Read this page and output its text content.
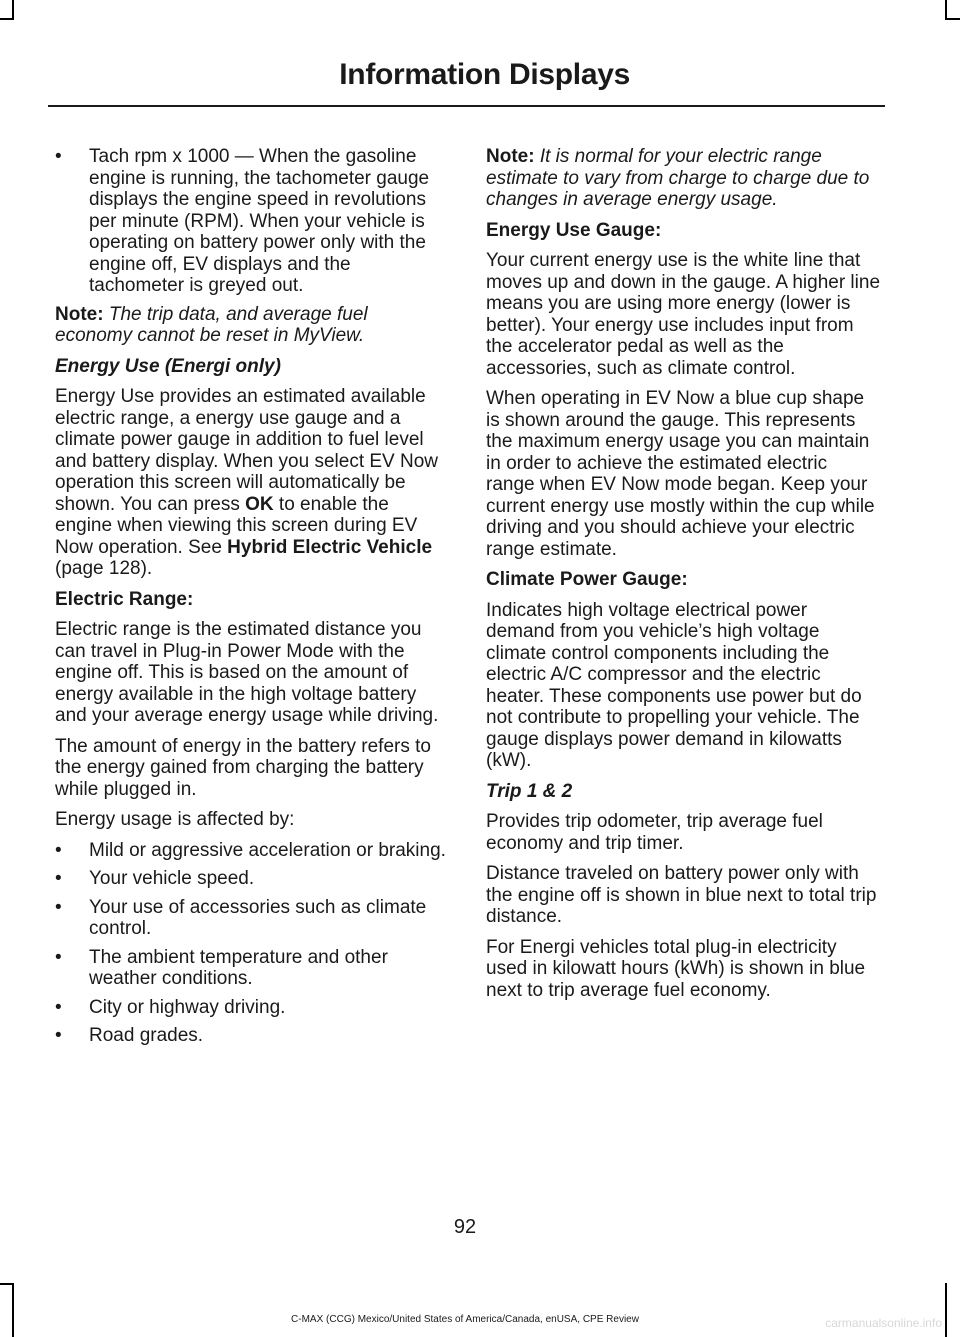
Information Displays
• Tach rpm x 1000 — When the gasoline engine is running, the tachometer gauge displays the engine speed in revolutions per minute (RPM). When your vehicle is operating on battery power only with the engine off, EV displays and the tachometer is greyed out.

Note: The trip data, and average fuel economy cannot be reset in MyView.

Energy Use (Energi only)

Energy Use provides an estimated available electric range, a energy use gauge and a climate power gauge in addition to fuel level and battery display. When you select EV Now operation this screen will automatically be shown. You can press OK to enable the engine when viewing this screen during EV Now operation. See Hybrid Electric Vehicle (page 128).

Electric Range:

Electric range is the estimated distance you can travel in Plug-in Power Mode with the engine off. This is based on the amount of energy available in the high voltage battery and your average energy usage while driving.

The amount of energy in the battery refers to the energy gained from charging the battery while plugged in.

Energy usage is affected by:

• Mild or aggressive acceleration or braking.
• Your vehicle speed.
• Your use of accessories such as climate control.
• The ambient temperature and other weather conditions.
• City or highway driving.
• Road grades.

Note: It is normal for your electric range estimate to vary from charge to charge due to changes in average energy usage.

Energy Use Gauge:

Your current energy use is the white line that moves up and down in the gauge. A higher line means you are using more energy (lower is better). Your energy use includes input from the accelerator pedal as well as the accessories, such as climate control.

When operating in EV Now a blue cup shape is shown around the gauge. This represents the maximum energy usage you can maintain in order to achieve the estimated electric range when EV Now mode began. Keep your current energy use mostly within the cup while driving and you should achieve your electric range estimate.

Climate Power Gauge:

Indicates high voltage electrical power demand from you vehicle’s high voltage climate control components including the electric A/C compressor and the electric heater. These components use power but do not contribute to propelling your vehicle. The gauge displays power demand in kilowatts (kW).

Trip 1 & 2

Provides trip odometer, trip average fuel economy and trip timer.

Distance traveled on battery power only with the engine off is shown in blue next to total trip distance.

For Energi vehicles total plug-in electricity used in kilowatt hours (kWh) is shown in blue next to trip average fuel economy.

92
C-MAX (CCG) Mexico/United States of America/Canada, enUSA, CPE Review	carmanualsonline.info
